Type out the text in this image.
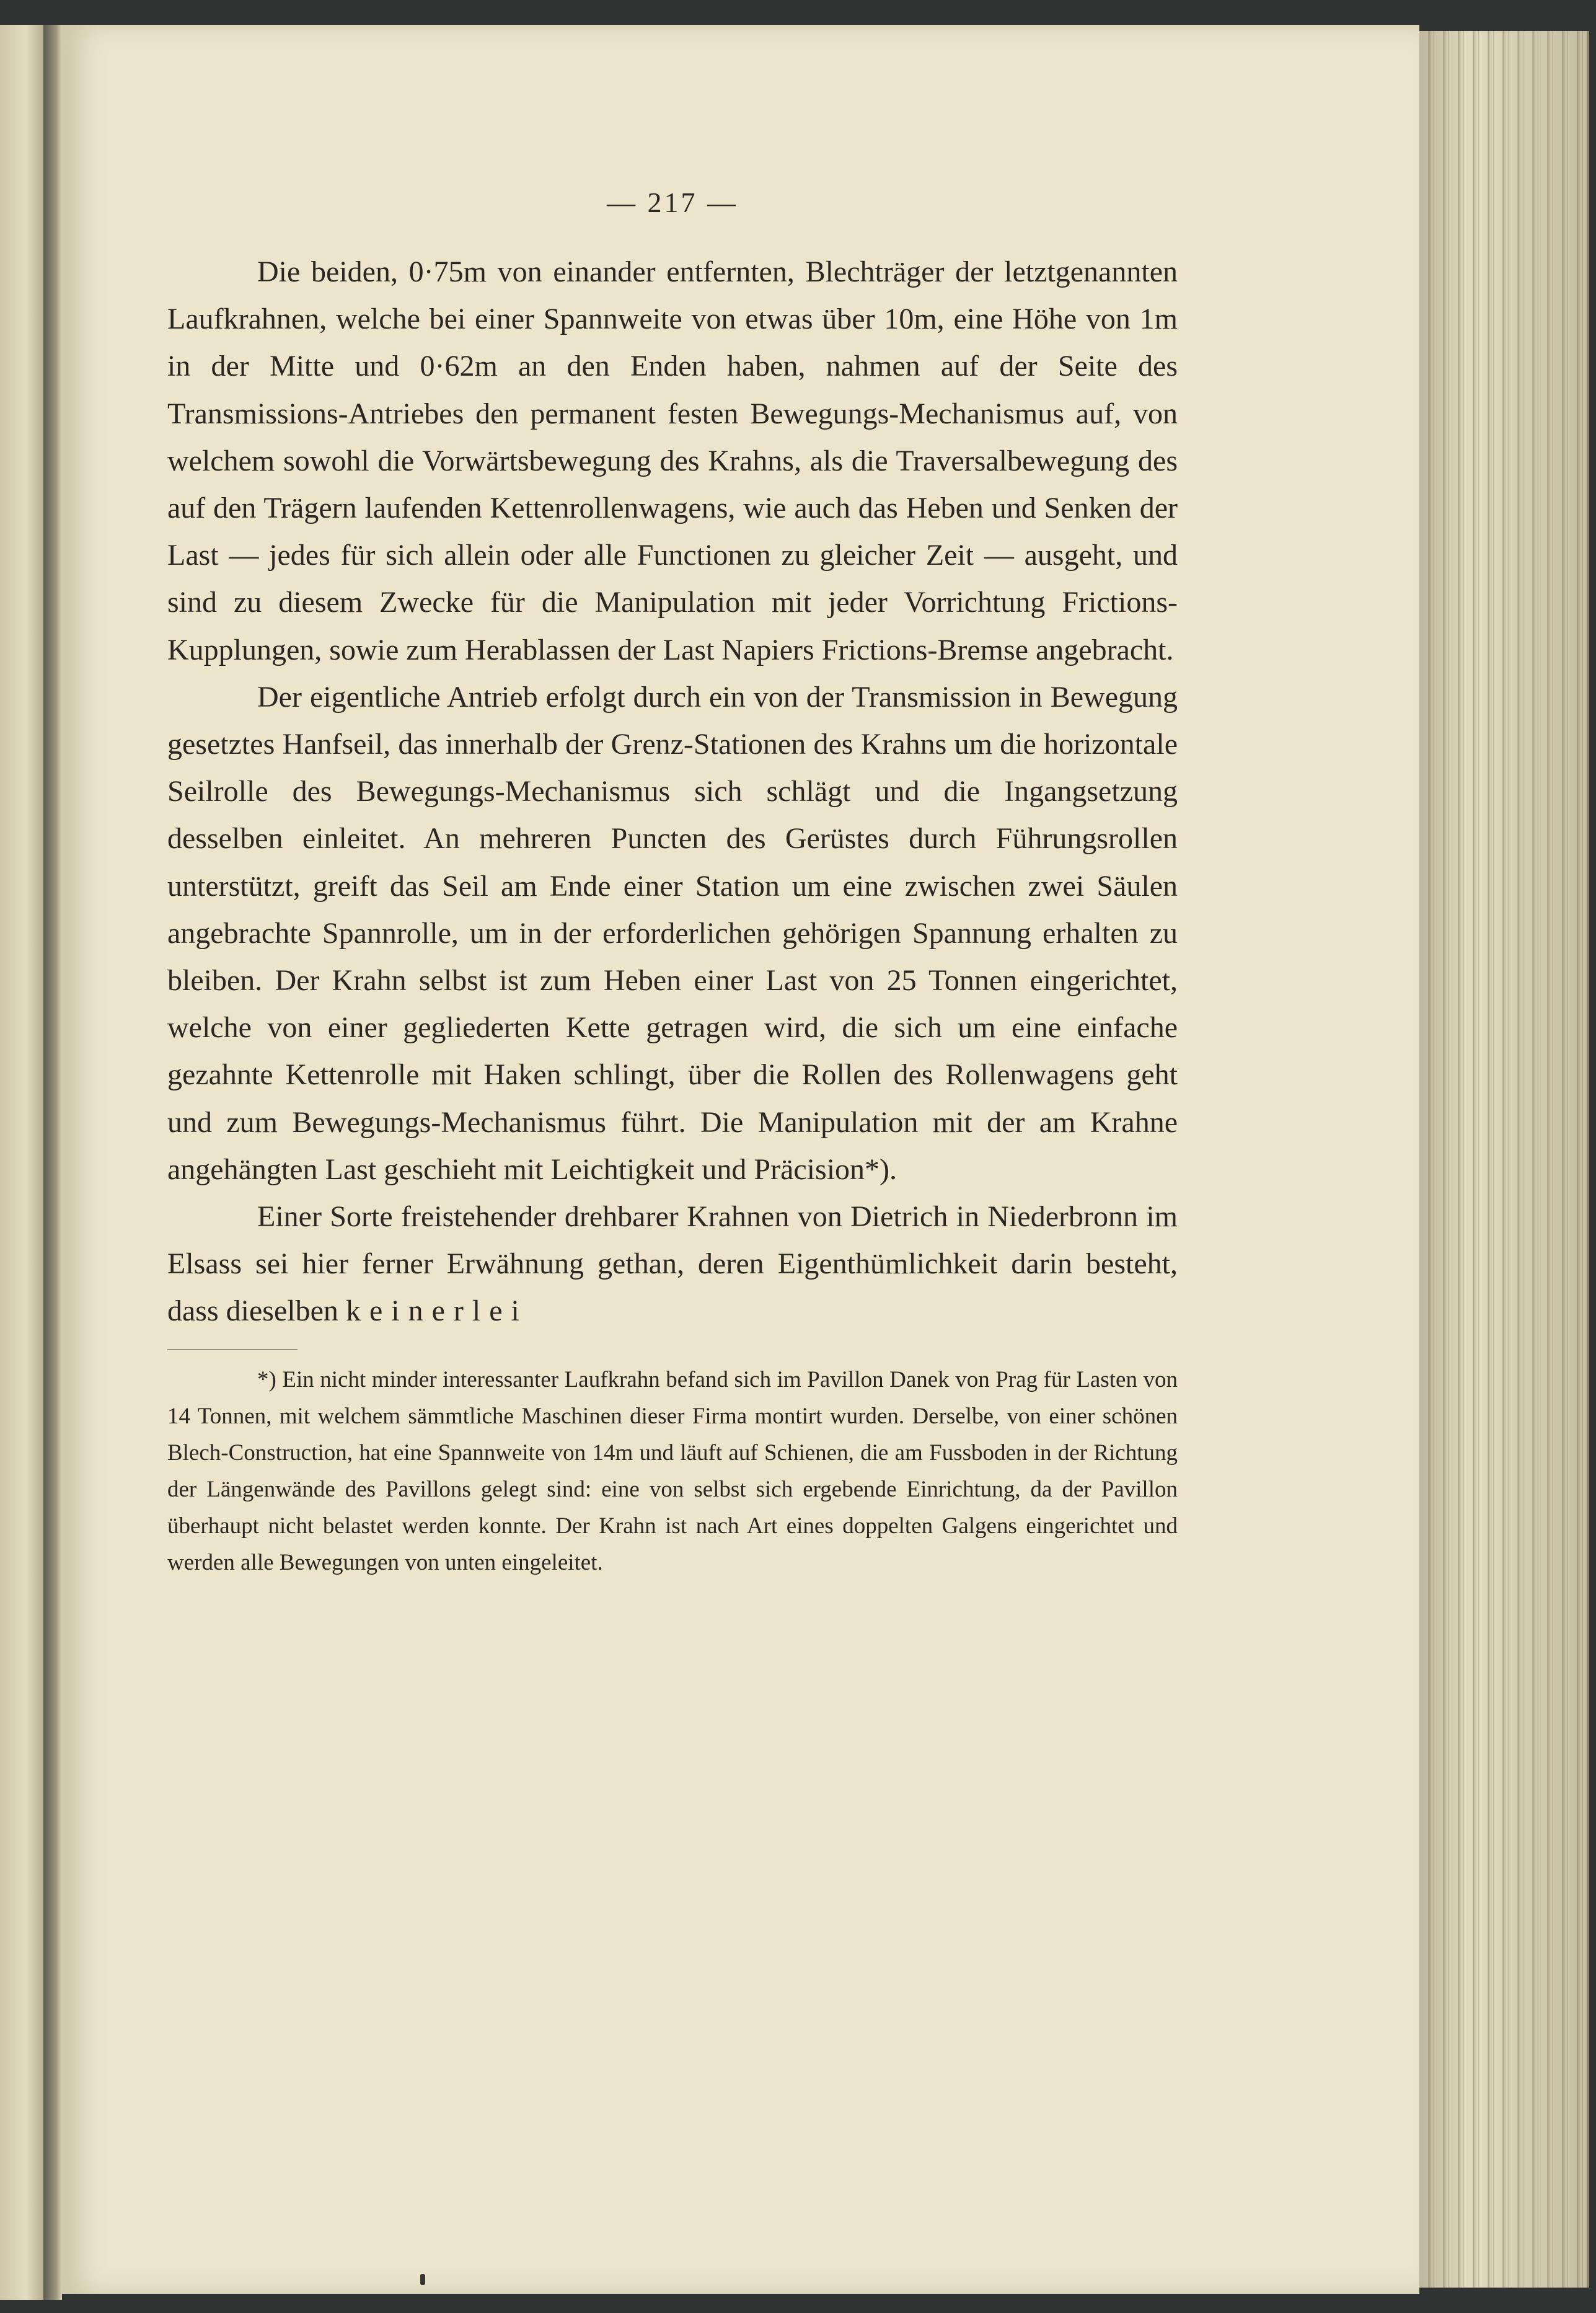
— 217 —

Die beiden, 0·75m von einander entfernten, Blechträger der letztgenannten Laufkrahnen, welche bei einer Spannweite von etwas über 10m, eine Höhe von 1m in der Mitte und 0·62m an den Enden haben, nahmen auf der Seite des Transmissions-Antriebes den permanent festen Bewegungs-Mechanismus auf, von welchem sowohl die Vorwärtsbewegung des Krahns, als die Traversalbewegung des auf den Trägern laufenden Kettenrollenwagens, wie auch das Heben und Senken der Last — jedes für sich allein oder alle Functionen zu gleicher Zeit — ausgeht, und sind zu diesem Zwecke für die Manipulation mit jeder Vorrichtung Frictions-Kupplungen, sowie zum Herablassen der Last Napiers Frictions-Bremse angebracht.

Der eigentliche Antrieb erfolgt durch ein von der Transmission in Bewegung gesetztes Hanfseil, das innerhalb der Grenz-Stationen des Krahns um die horizontale Seilrolle des Bewegungs-Mechanismus sich schlägt und die Ingangsetzung desselben einleitet. An mehreren Puncten des Gerüstes durch Führungsrollen unterstützt, greift das Seil am Ende einer Station um eine zwischen zwei Säulen angebrachte Spannrolle, um in der erforderlichen gehörigen Spannung erhalten zu bleiben. Der Krahn selbst ist zum Heben einer Last von 25 Tonnen eingerichtet, welche von einer gegliederten Kette getragen wird, die sich um eine einfache gezahnte Kettenrolle mit Haken schlingt, über die Rollen des Rollenwagens geht und zum Bewegungs-Mechanismus führt. Die Manipulation mit der am Krahne angehängten Last geschieht mit Leichtigkeit und Präcision*).

Einer Sorte freistehender drehbarer Krahnen von Dietrich in Niederbronn im Elsass sei hier ferner Erwähnung gethan, deren Eigenthümlichkeit darin besteht, dass dieselben keinerlei

*) Ein nicht minder interessanter Laufkrahn befand sich im Pavillon Danek von Prag für Lasten von 14 Tonnen, mit welchem sämmtliche Maschinen dieser Firma montirt wurden. Derselbe, von einer schönen Blech-Construction, hat eine Spannweite von 14m und läuft auf Schienen, die am Fussboden in der Richtung der Längenwände des Pavillons gelegt sind: eine von selbst sich ergebende Einrichtung, da der Pavillon überhaupt nicht belastet werden konnte. Der Krahn ist nach Art eines doppelten Galgens eingerichtet und werden alle Bewegungen von unten eingeleitet.
